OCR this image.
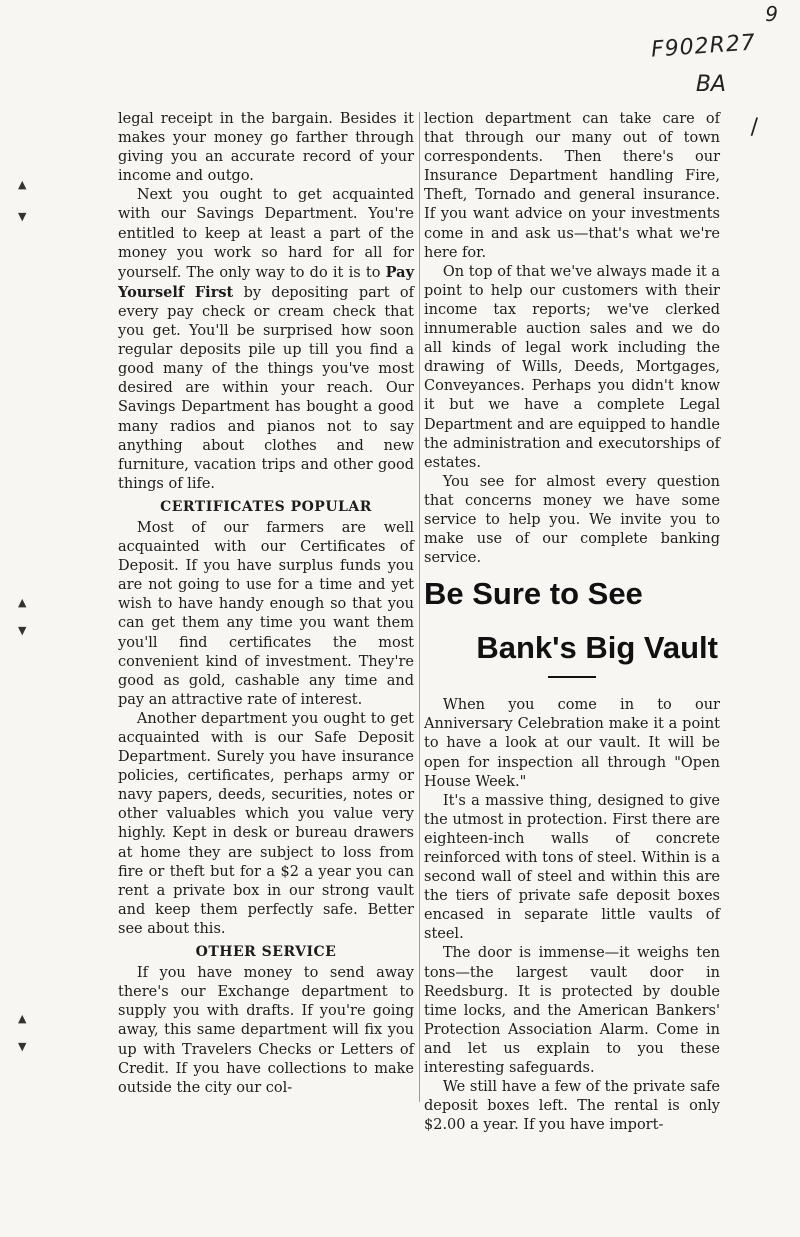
9
F902R27
BA
/
▲
▼
▲
▼
▲
▼

legal receipt in the bargain. Besides it makes your money go farther through giving you an accurate record of your income and outgo.

Next you ought to get acquainted with our Savings Department. You're entitled to keep at least a part of the money you work so hard for all for yourself. The only way to do it is to Pay Yourself First by depositing part of every pay check or cream check that you get. You'll be surprised how soon regular deposits pile up till you find a good many of the things you've most desired are within your reach. Our Savings Department has bought a good many radios and pianos not to say anything about clothes and new furniture, vacation trips and other good things of life.

CERTIFICATES POPULAR

Most of our farmers are well acquainted with our Certificates of Deposit. If you have surplus funds you are not going to use for a time and yet wish to have handy enough so that you can get them any time you want them you'll find certificates the most convenient kind of investment. They're good as gold, cashable any time and pay an attractive rate of interest.

Another department you ought to get acquainted with is our Safe Deposit Department. Surely you have insurance policies, certificates, perhaps army or navy papers, deeds, securities, notes or other valuables which you value very highly. Kept in desk or bureau drawers at home they are subject to loss from fire or theft but for a $2 a year you can rent a private box in our strong vault and keep them perfectly safe. Better see about this.

OTHER SERVICE

If you have money to send away there's our Exchange department to supply you with drafts. If you're going away, this same department will fix you up with Travelers Checks or Letters of Credit. If you have collections to make outside the city our col-

lection department can take care of that through our many out of town correspondents. Then there's our Insurance Department handling Fire, Theft, Tornado and general insurance. If you want advice on your investments come in and ask us—that's what we're here for.

On top of that we've always made it a point to help our customers with their income tax reports; we've clerked innumerable auction sales and we do all kinds of legal work including the drawing of Wills, Deeds, Mortgages, Conveyances. Perhaps you didn't know it but we have a complete Legal Department and are equipped to handle the administration and executorships of estates.

You see for almost every question that concerns money we have some service to help you. We invite you to make use of our complete banking service.

Be Sure to See
Bank's Big Vault

When you come in to our Anniversary Celebration make it a point to have a look at our vault. It will be open for inspection all through "Open House Week."

It's a massive thing, designed to give the utmost in protection. First there are eighteen-inch walls of concrete reinforced with tons of steel. Within is a second wall of steel and within this are the tiers of private safe deposit boxes encased in separate little vaults of steel.

The door is immense—it weighs ten tons—the largest vault door in Reedsburg. It is protected by double time locks, and the American Bankers' Protection Association Alarm. Come in and let us explain to you these interesting safeguards.

We still have a few of the private safe deposit boxes left. The rental is only $2.00 a year. If you have import-
